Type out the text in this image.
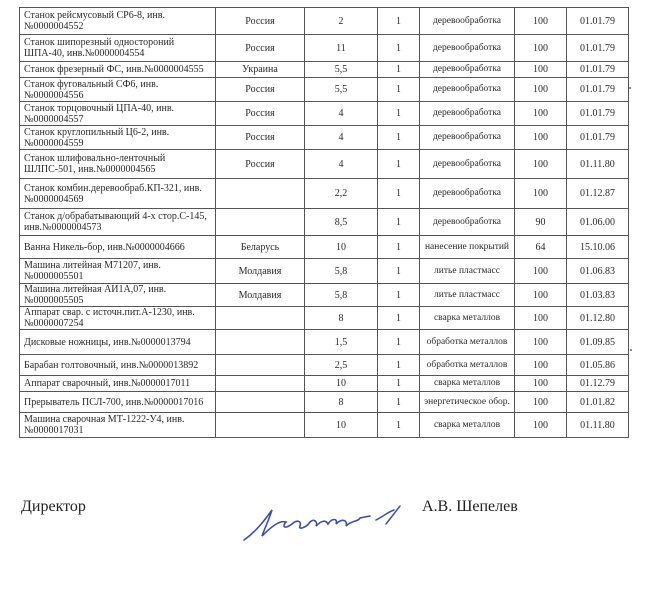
Станок рейсмусовый СР6-8, инв.№0000004552	Россия	2	1	деревообработка	100	01.01.79
Станок шипорезный одностороний ШПА-40, инв.№0000004554	Россия	11	1	деревообработка	100	01.01.79
Станок фрезерный ФС, инв.№0000004555	Украина	5,5	1	деревообработка	100	01.01.79
Станок фуговальный СФ6, инв.№0000004556	Россия	5,5	1	деревообработка	100	01.01.79
Станок торцовочный ЦПА-40, инв.№0000004557	Россия	4	1	деревообработка	100	01.01.79
Станок круглопильный Ц6-2, инв.№0000004559	Россия	4	1	деревообработка	100	01.01.79
Станок шлифовально-ленточный ШЛПС-501, инв.№0000004565	Россия	4	1	деревообработка	100	01.11.80
Станок комбин.деревообраб.КП-321, инв.№0000004569		2,2	1	деревообработка	100	01.12.87
Станок д/обрабатывающий 4-х стор.С-145, инв.№0000004573		8,5	1	деревообработка	90	01.06.00
Ванна Никель-бор, инв.№0000004666	Беларусь	10	1	нанесение покрытий	64	15.10.06
Машина литейная М71207, инв.№0000005501	Молдавия	5,8	1	литье пластмасс	100	01.06.83
Машина литейная АИ1А,07, инв.№0000005505	Молдавия	5,8	1	литье пластмасс	100	01.03.83
Аппарат свар. с источн.пит.А-1230, инв.№0000007254		8	1	сварка металлов	100	01.12.80
Дисковые ножницы, инв.№0000013794		1,5	1	обработка металлов	100	01.09.85
Барабан голтовочный, инв.№0000013892		2,5	1	обработка металлов	100	01.05.86
Аппарат сварочный, инв.№0000017011		10	1	сварка металлов	100	01.12.79
Прерыватель ПСЛ-700, инв.№0000017016		8	1	энергетическое обор.	100	01.01.82
Машина сварочная МТ-1222-У4, инв.№0000017031		10	1	сварка металлов	100	01.11.80
Директор	А.В. Шепелев
